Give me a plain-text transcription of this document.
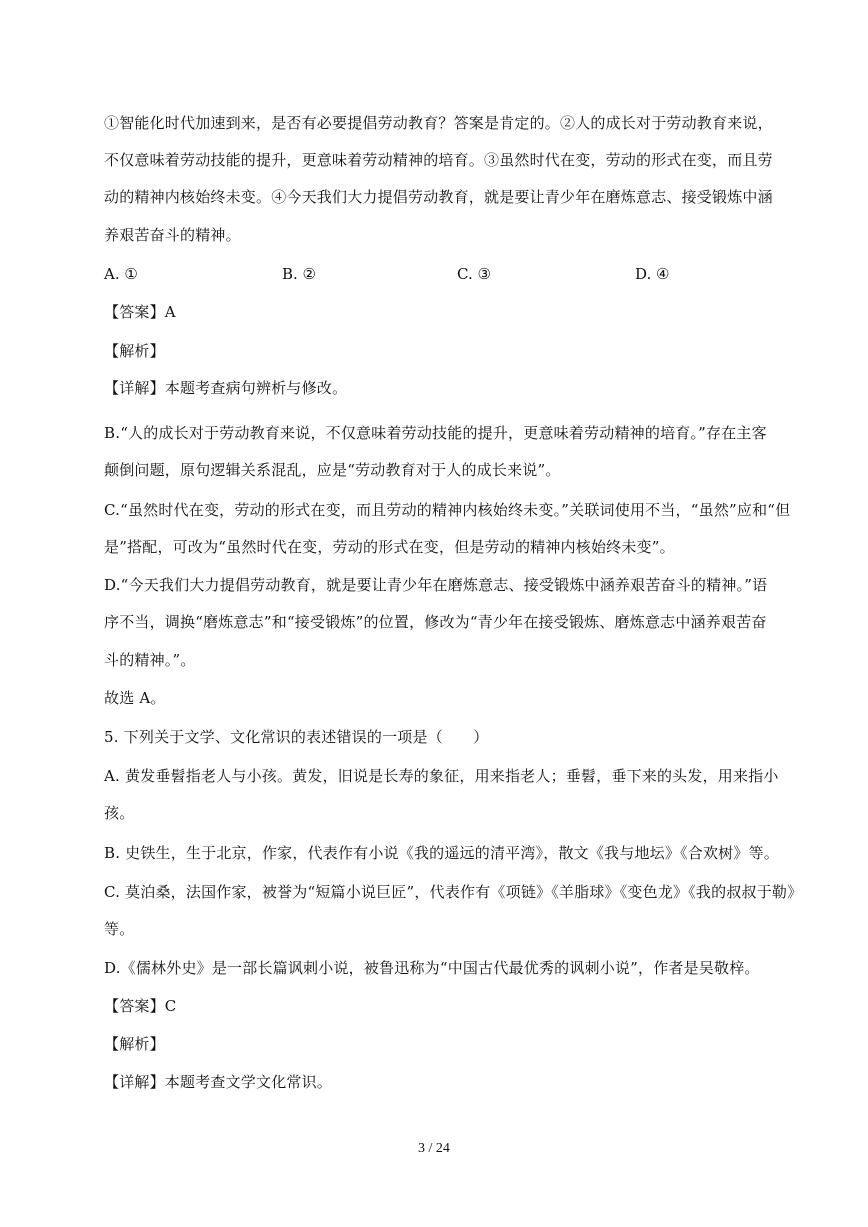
①智能化时代加速到来，是否有必要提倡劳动教育？答案是肯定的。②人的成长对于劳动教育来说，
不仅意味着劳动技能的提升，更意味着劳动精神的培育。③虽然时代在变，劳动的形式在变，而且劳
动的精神内核始终未变。④今天我们大力提倡劳动教育，就是要让青少年在磨炼意志、接受锻炼中涵
养艰苦奋斗的精神。
A. ①	B. ②	C. ③	D. ④
【答案】A
【解析】
【详解】本题考查病句辨析与修改。
B.“人的成长对于劳动教育来说，不仅意味着劳动技能的提升，更意味着劳动精神的培育。”存在主客
颠倒问题，原句逻辑关系混乱，应是“劳动教育对于人的成长来说”。
C.“虽然时代在变，劳动的形式在变，而且劳动的精神内核始终未变。”关联词使用不当，“虽然”应和“但
是”搭配，可改为“虽然时代在变，劳动的形式在变，但是劳动的精神内核始终未变”。
D.“今天我们大力提倡劳动教育，就是要让青少年在磨炼意志、接受锻炼中涵养艰苦奋斗的精神。”语
序不当，调换“磨炼意志”和“接受锻炼”的位置，修改为“青少年在接受锻炼、磨炼意志中涵养艰苦奋
斗的精神。”。
故选 A。
5. 下列关于文学、文化常识的表述错误的一项是（　　）
A. 黄发垂髫指老人与小孩。黄发，旧说是长寿的象征，用来指老人；垂髫，垂下来的头发，用来指小
孩。
B. 史铁生，生于北京，作家，代表作有小说《我的遥远的清平湾》，散文《我与地坛》《合欢树》等。
C. 莫泊桑，法国作家，被誉为“短篇小说巨匠”，代表作有《项链》《羊脂球》《变色龙》《我的叔叔于勒》
等。
D.《儒林外史》是一部长篇讽刺小说，被鲁迅称为“中国古代最优秀的讽刺小说”，作者是吴敬梓。
【答案】C
【解析】
【详解】本题考查文学文化常识。
3 / 24
